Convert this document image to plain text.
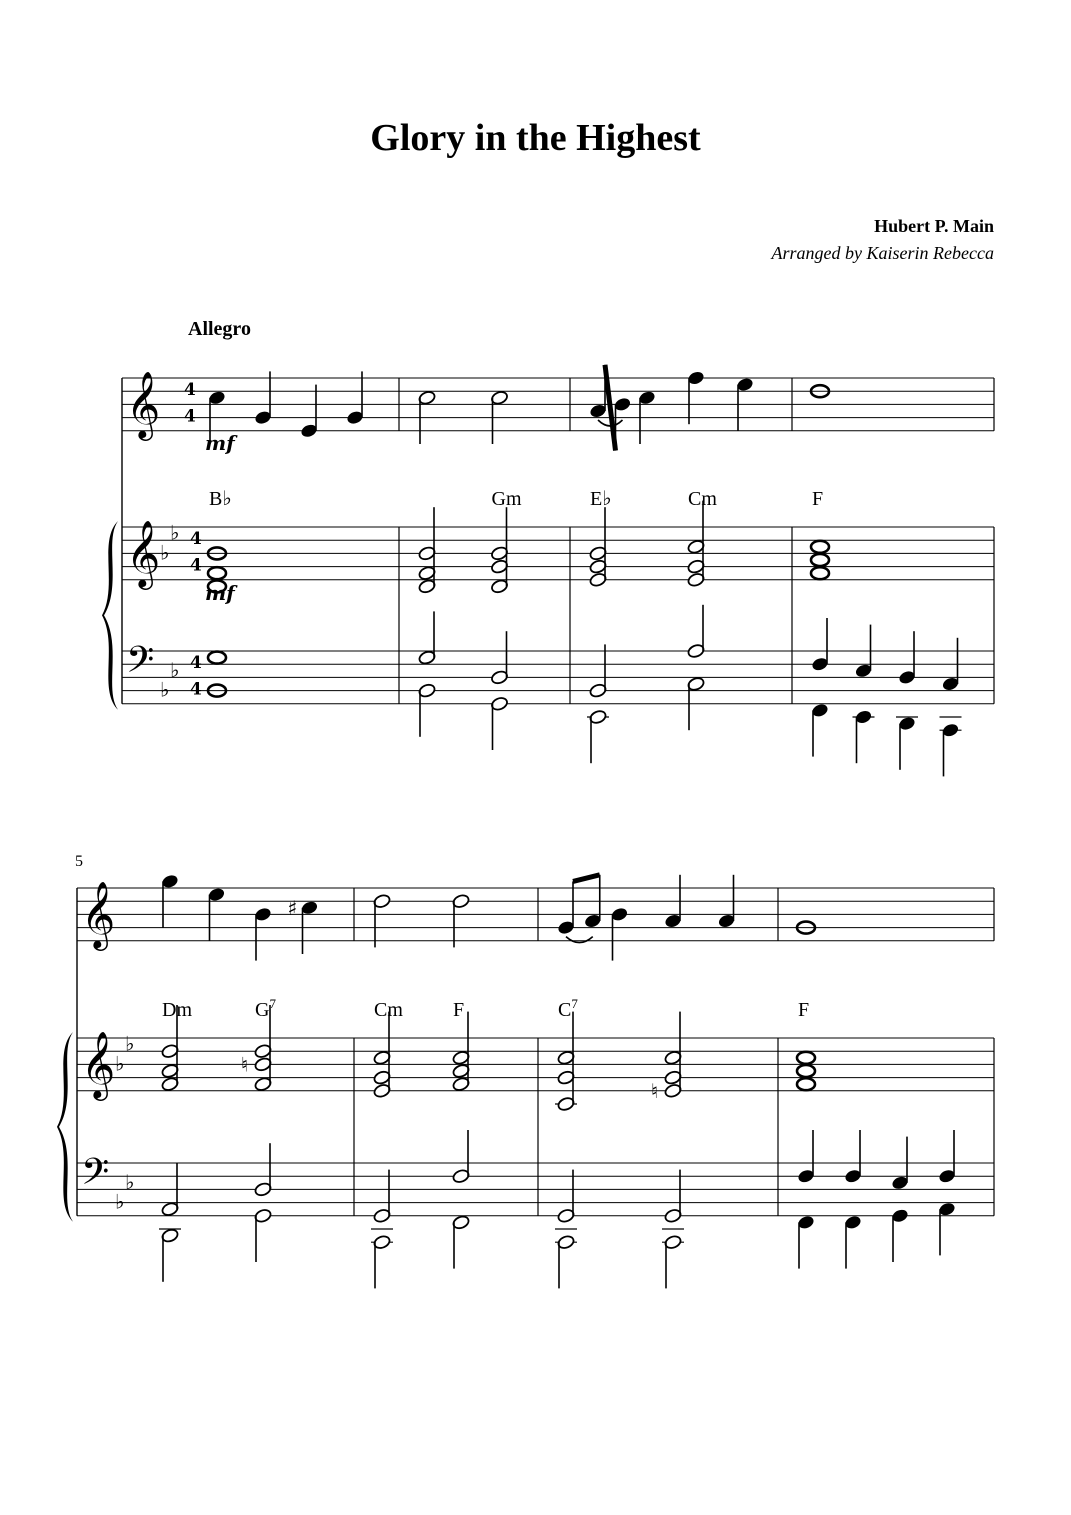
Glory in the Highest
Hubert P. Main
Arranged by Kaiserin Rebecca
𝄞
𝄞
𝄢
♭
♭
♭
♭
4
4
4
4
4
4
Allegro
mf
mf
B♭	Gm	E♭	Cm	F
𝄞
𝄞
𝄢
♭
♭
♭
♭
5
♯
♮
♮
Dm	$G^7$	Cm	F	$C^7$	F
